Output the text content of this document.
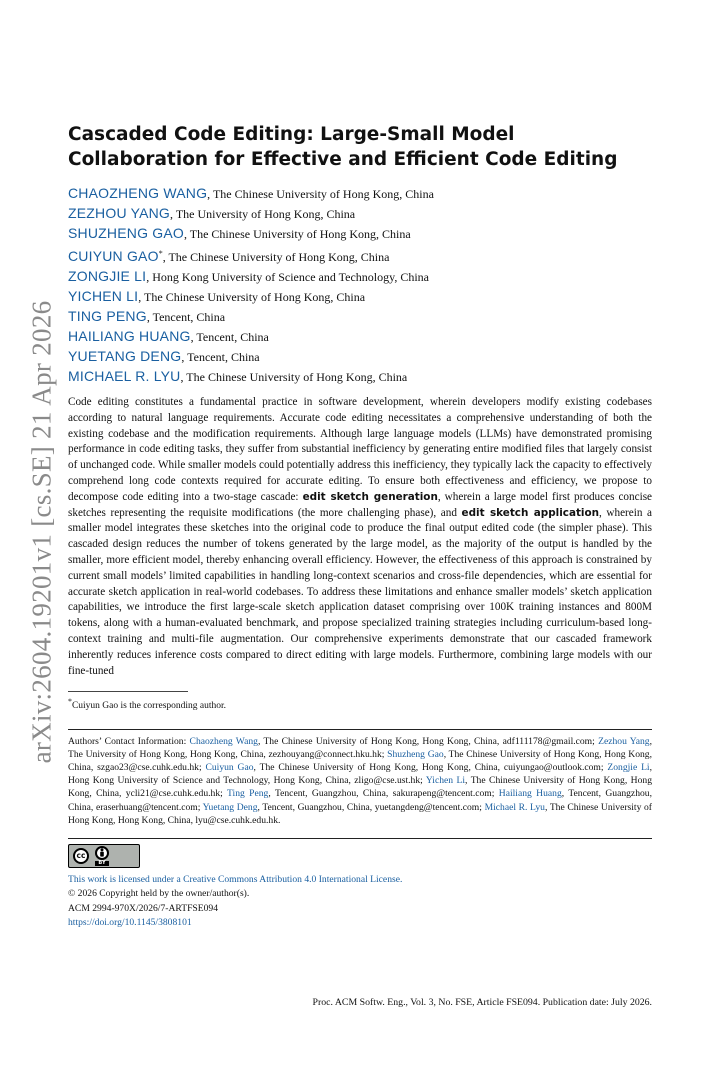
arXiv:2604.19201v1 [cs.SE] 21 Apr 2026
Cascaded Code Editing: Large-Small Model Collaboration for Effective and Efficient Code Editing
CHAOZHENG WANG, The Chinese University of Hong Kong, China
ZEZHOU YANG, The University of Hong Kong, China
SHUZHENG GAO, The Chinese University of Hong Kong, China
CUIYUN GAO*, The Chinese University of Hong Kong, China
ZONGJIE LI, Hong Kong University of Science and Technology, China
YICHEN LI, The Chinese University of Hong Kong, China
TING PENG, Tencent, China
HAILIANG HUANG, Tencent, China
YUETANG DENG, Tencent, China
MICHAEL R. LYU, The Chinese University of Hong Kong, China
Code editing constitutes a fundamental practice in software development, wherein developers modify existing codebases according to natural language requirements. Accurate code editing necessitates a comprehensive understanding of both the existing codebase and the modification requirements. Although large language models (LLMs) have demonstrated promising performance in code editing tasks, they suffer from substantial inefficiency by generating entire modified files that largely consist of unchanged code. While smaller models could potentially address this inefficiency, they typically lack the capacity to effectively comprehend long code contexts required for accurate editing. To ensure both effectiveness and efficiency, we propose to decompose code editing into a two-stage cascade: edit sketch generation, wherein a large model first produces concise sketches representing the requisite modifications (the more challenging phase), and edit sketch application, wherein a smaller model integrates these sketches into the original code to produce the final output edited code (the simpler phase). This cascaded design reduces the number of tokens generated by the large model, as the majority of the output is handled by the smaller, more efficient model, thereby enhancing overall efficiency. However, the effectiveness of this approach is constrained by current small models’ limited capabilities in handling long-context scenarios and cross-file dependencies, which are essential for accurate sketch application in real-world codebases. To address these limitations and enhance smaller models’ sketch application capabilities, we introduce the first large-scale sketch application dataset comprising over 100K training instances and 800M tokens, along with a human-evaluated benchmark, and propose specialized training strategies including curriculum-based long-context training and multi-file augmentation. Our comprehensive experiments demonstrate that our cascaded framework inherently reduces inference costs compared to direct editing with large models. Furthermore, combining large models with our fine-tuned
*Cuiyun Gao is the corresponding author.
Authors’ Contact Information: Chaozheng Wang, The Chinese University of Hong Kong, Hong Kong, China, adf111178@gmail.com; Zezhou Yang, The University of Hong Kong, Hong Kong, China, zezhouyang@connect.hku.hk; Shuzheng Gao, The Chinese University of Hong Kong, Hong Kong, China, szgao23@cse.cuhk.edu.hk; Cuiyun Gao, The Chinese University of Hong Kong, Hong Kong, China, cuiyungao@outlook.com; Zongjie Li, Hong Kong University of Science and Technology, Hong Kong, China, zligo@cse.ust.hk; Yichen Li, The Chinese University of Hong Kong, Hong Kong, China, ycli21@cse.cuhk.edu.hk; Ting Peng, Tencent, Guangzhou, China, sakurapeng@tencent.com; Hailiang Huang, Tencent, Guangzhou, China, eraserhuang@tencent.com; Yuetang Deng, Tencent, Guangzhou, China, yuetangdeng@tencent.com; Michael R. Lyu, The Chinese University of Hong Kong, Hong Kong, China, lyu@cse.cuhk.edu.hk.
cc
BY
This work is licensed under a Creative Commons Attribution 4.0 International License.
© 2026 Copyright held by the owner/author(s).
ACM 2994-970X/2026/7-ARTFSE094
https://doi.org/10.1145/3808101
Proc. ACM Softw. Eng., Vol. 3, No. FSE, Article FSE094. Publication date: July 2026.
